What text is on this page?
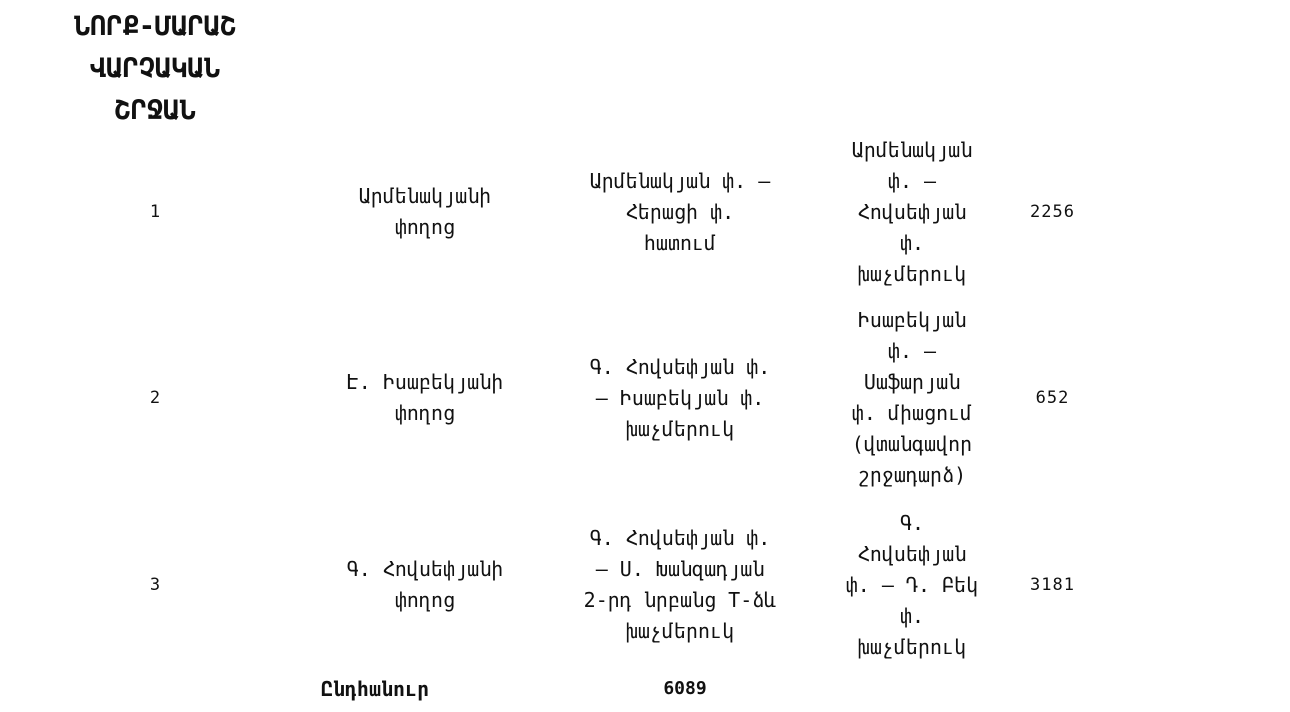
ՆՈՐՔ-ՄԱՐԱՇ
ՎԱՐՉԱԿԱՆ
ՇՐՋԱՆ
1
Արմենակյանի
փողոց
Արմենակյան փ. –
Հերացի փ.
հատում
Արմենակյան
փ. –
Հովսեփյան
փ.
խաչմերուկ
2256
2
Է. Իսաբեկյանի
փողոց
Գ. Հովսեփյան փ.
– Իսաբեկյան փ.
խաչմերուկ
Իսաբեկյան
փ. –
Սաֆարյան
փ. միացում
(վտանգավոր
շրջադարձ)
652
3
Գ. Հովսեփյանի
փողոց
Գ. Հովսեփյան փ.
– Ս. Խանզադյան
2-րդ նրբանց T-ձև
խաչմերուկ
Գ.
Հովսեփյան
փ. – Դ. Բեկ
փ.
խաչմերուկ
3181
Ընդհանուր	6089
